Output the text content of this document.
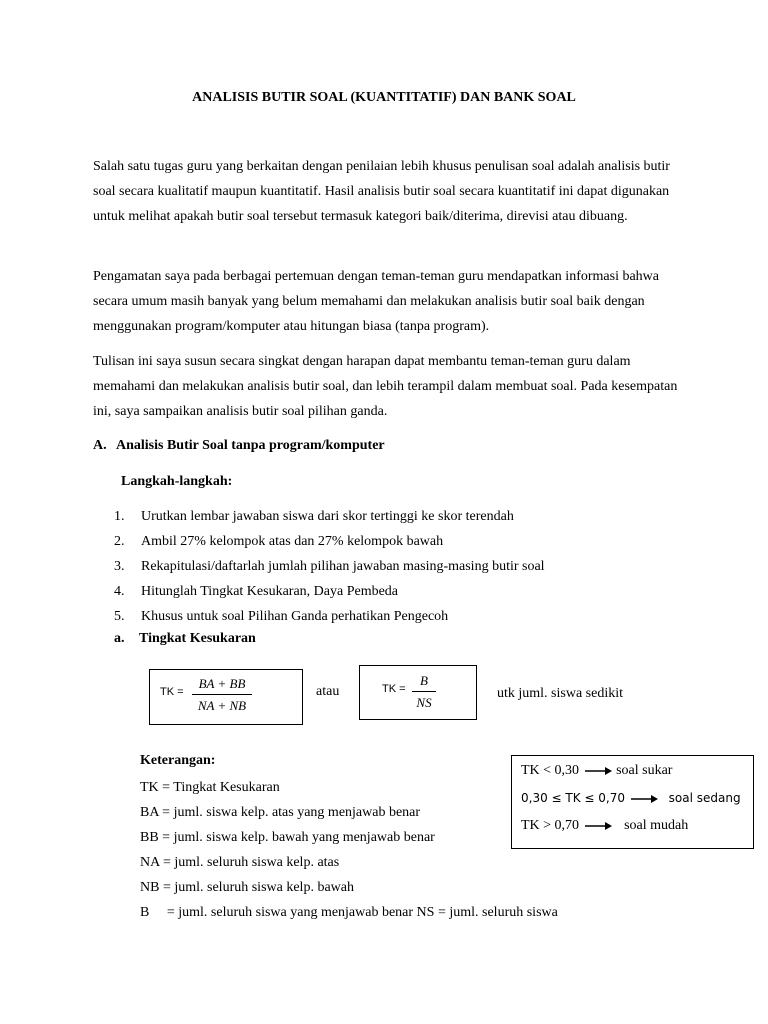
ANALISIS BUTIR SOAL (KUANTITATIF) DAN BANK SOAL

Salah satu tugas guru yang berkaitan dengan penilaian lebih khusus penulisan soal adalah analisis butir soal secara kualitatif maupun kuantitatif. Hasil analisis butir soal secara kuantitatif ini dapat digunakan untuk melihat apakah butir soal tersebut termasuk kategori baik/diterima, direvisi atau dibuang.

Pengamatan saya pada berbagai pertemuan dengan teman-teman guru mendapatkan informasi bahwa secara umum masih banyak yang belum memahami dan melakukan analisis butir soal baik dengan menggunakan program/komputer atau hitungan biasa (tanpa program).

Tulisan ini saya susun secara singkat dengan harapan dapat membantu teman-teman guru dalam memahami dan melakukan analisis butir soal, dan lebih terampil dalam membuat soal. Pada kesempatan ini, saya sampaikan analisis butir soal pilihan ganda.

A. Analisis Butir Soal tanpa program/komputer
Langkah-langkah:
1. Urutkan lembar jawaban siswa dari skor tertinggi ke skor terendah
2. Ambil 27% kelompok atas dan 27% kelompok bawah
3. Rekapitulasi/daftarlah jumlah pilihan jawaban masing-masing butir soal
4. Hitunglah Tingkat Kesukaran, Daya Pembeda
5. Khusus untuk soal Pilihan Ganda perhatikan Pengecoh
a. Tingkat Kesukaran
TK = $\frac{BA + BB}{NA + NB}$	atau	TK = $\frac{B}{NS}$	utk juml. siswa sedikit
Keterangan:
TK = Tingkat Kesukaran
BA = juml. siswa kelp. atas yang menjawab benar
BB = juml. siswa kelp. bawah yang menjawab benar
NA = juml. seluruh siswa kelp. atas
NB = juml. seluruh siswa kelp. bawah
B     = juml. seluruh siswa yang menjawab benar NS = juml. seluruh siswa
TK < 0,30	soal sukar
0,30 ≤ TK ≤ 0,70	soal sedang
TK > 0,70	soal mudah
